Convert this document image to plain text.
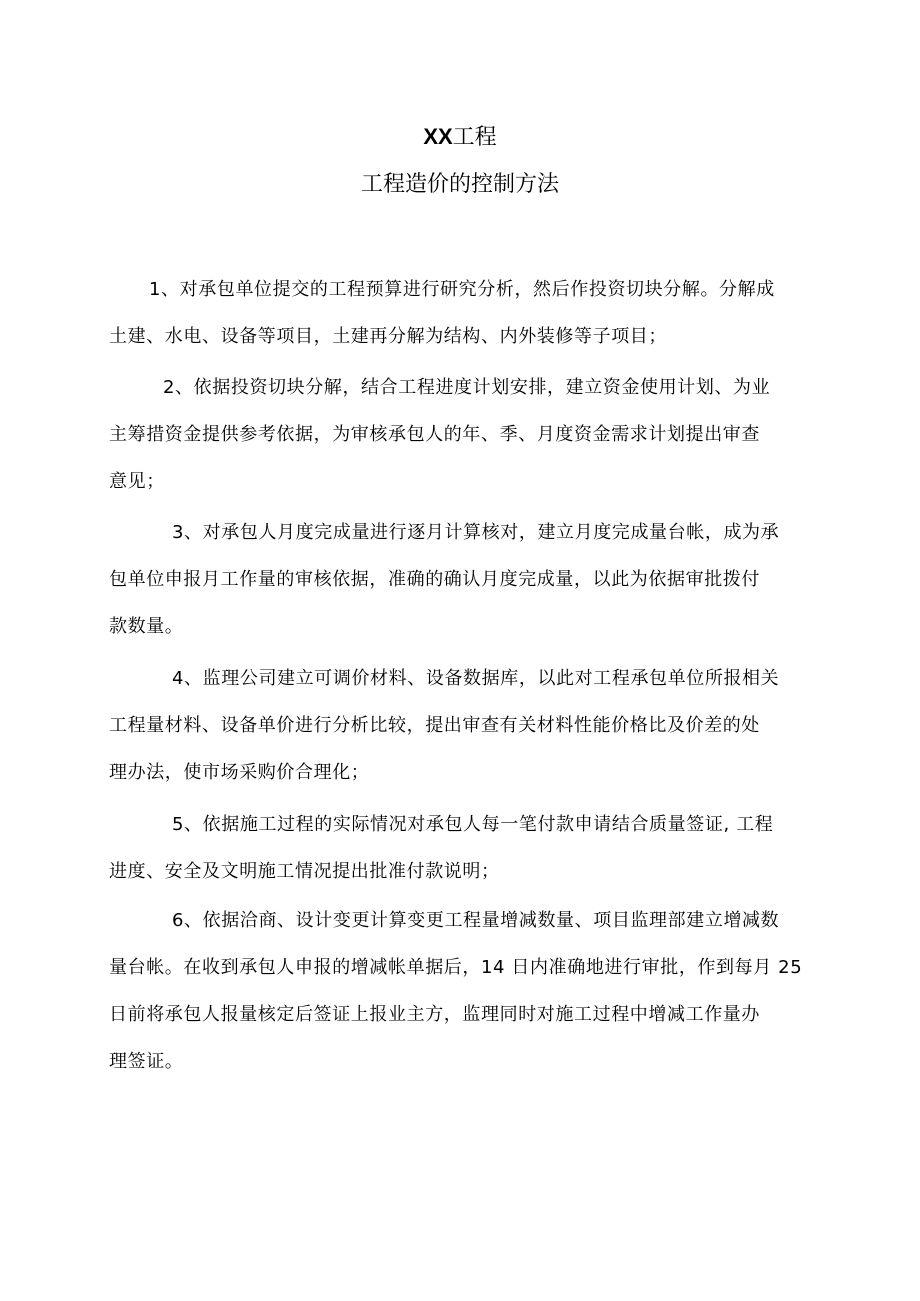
XX工程
工程造价的控制方法
1、对承包单位提交的工程预算进行研究分析，然后作投资切块分解。分解成
土建、水电、设备等项目，土建再分解为结构、内外装修等子项目；
2、依据投资切块分解，结合工程进度计划安排，建立资金使用计划、为业
主筹措资金提供参考依据，为审核承包人的年、季、月度资金需求计划提出审查
意见；
3、对承包人月度完成量进行逐月计算核对，建立月度完成量台帐，成为承
包单位申报月工作量的审核依据，准确的确认月度完成量，以此为依据审批拨付
款数量。
4、监理公司建立可调价材料、设备数据库，以此对工程承包单位所报相关
工程量材料、设备单价进行分析比较，提出审查有关材料性能价格比及价差的处
理办法，使市场采购价合理化；
5、依据施工过程的实际情况对承包人每一笔付款申请结合质量签证, 工程
进度、安全及文明施工情况提出批准付款说明；
6、依据洽商、设计变更计算变更工程量增减数量、项目监理部建立增减数
量台帐。在收到承包人申报的增减帐单据后，14 日内准确地进行审批，作到每月 25
日前将承包人报量核定后签证上报业主方，监理同时对施工过程中增减工作量办
理签证。
